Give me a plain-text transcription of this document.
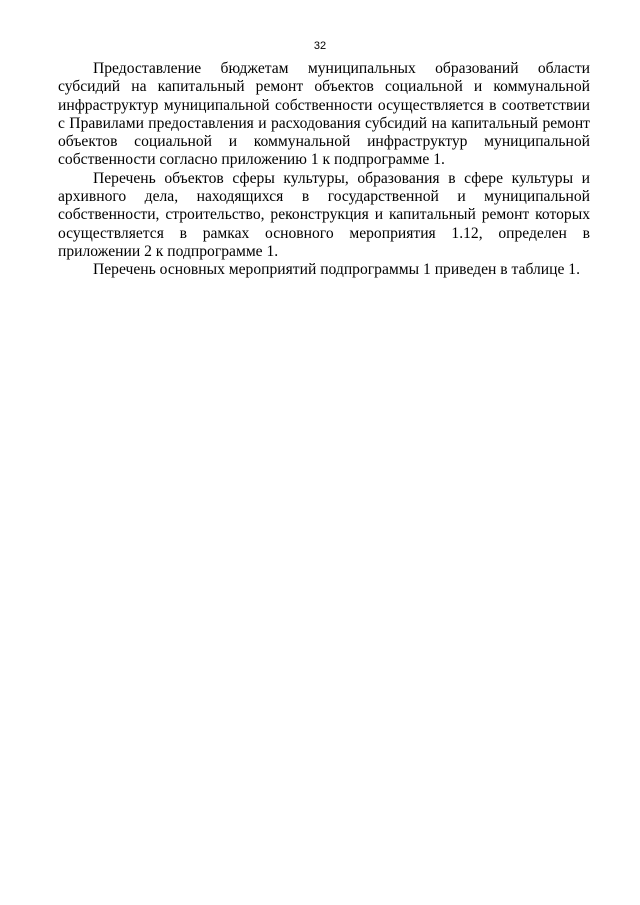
32

Предоставление бюджетам муниципальных образований области субсидий на капитальный ремонт объектов социальной и коммунальной инфраструктур муниципальной собственности осуществляется в соответствии с Правилами предоставления и расходования субсидий на капитальный ремонт объектов социальной и коммунальной инфраструктур муниципальной собственности согласно приложению 1 к подпрограмме 1.

Перечень объектов сферы культуры, образования в сфере культуры и архивного дела, находящихся в государственной и муниципальной собственности, строительство, реконструкция и капитальный ремонт которых осуществляется в рамках основного мероприятия 1.12, определен в приложении 2 к подпрограмме 1.

Перечень основных мероприятий подпрограммы 1 приведен в таблице 1.
